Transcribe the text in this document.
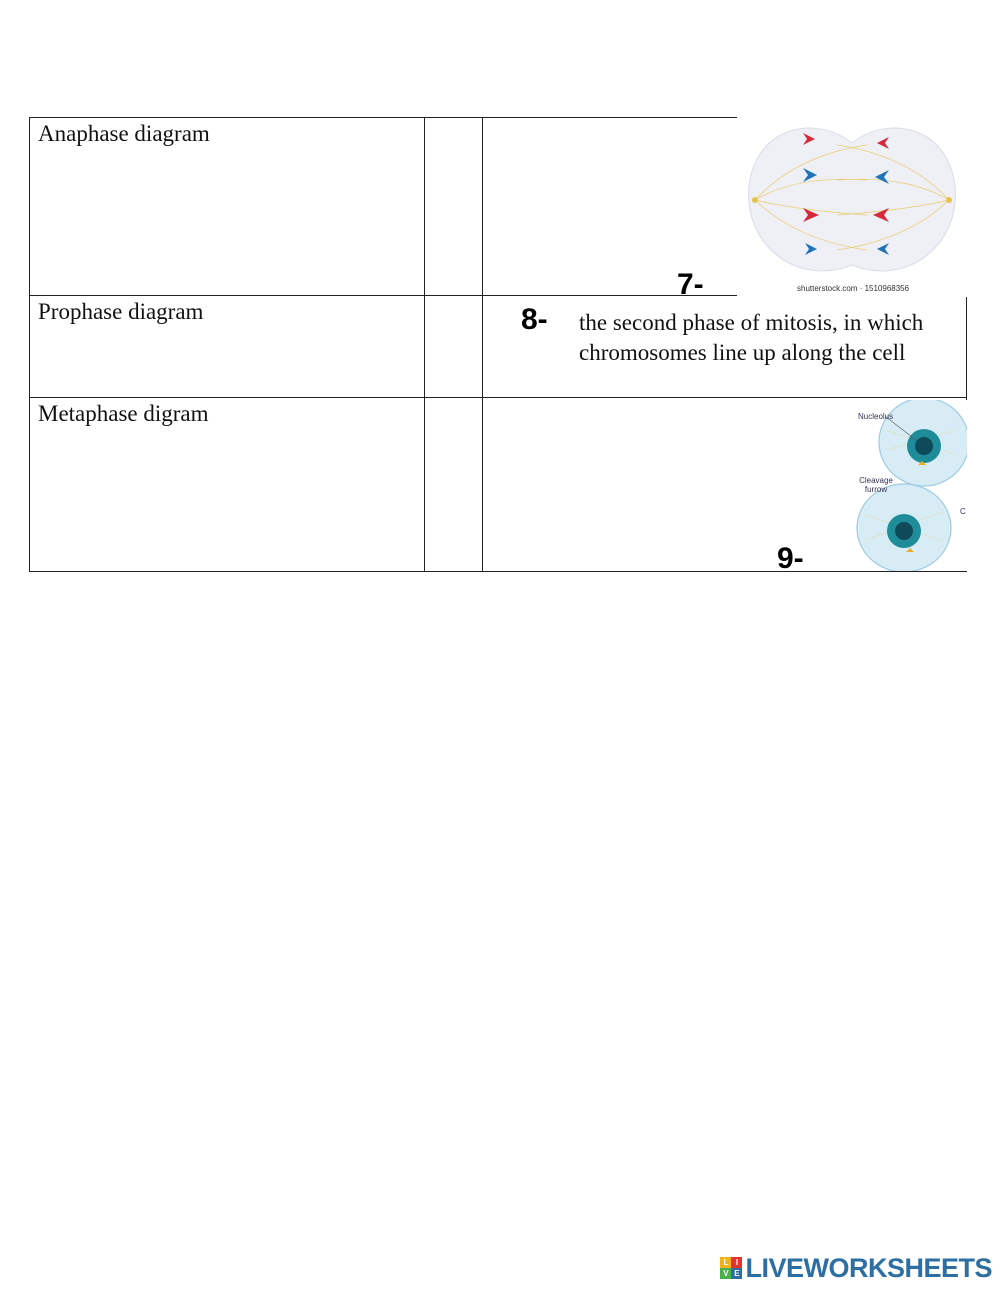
Anaphase diagram		shutterstock.com · 1510968356
7-

Prophase diagram		8- the second phase of mitosis, in which chromosomes line up along the cell

Metaphase digram		Nucleolus
Cleavage furrow
C
9-
L I
V E LIVEWORKSHEETS
